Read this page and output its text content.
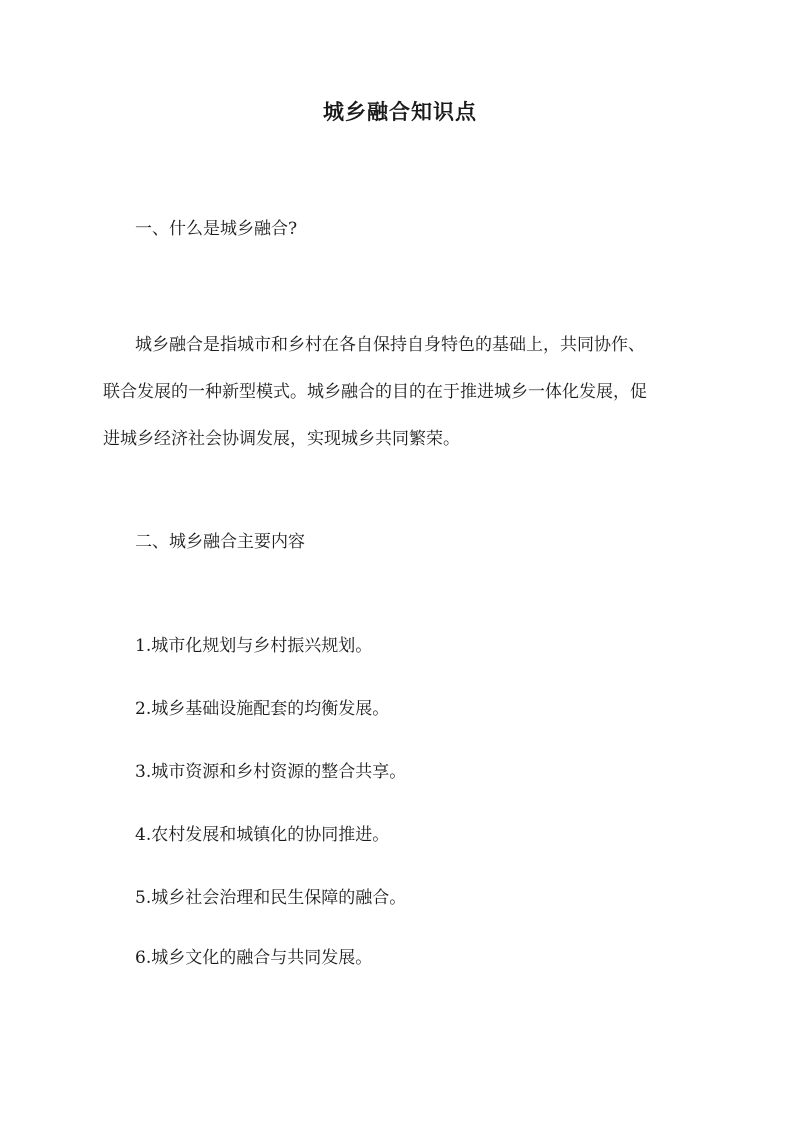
城乡融合知识点
一、什么是城乡融合?
城乡融合是指城市和乡村在各自保持自身特色的基础上，共同协作、
联合发展的一种新型模式。城乡融合的目的在于推进城乡一体化发展，促
进城乡经济社会协调发展，实现城乡共同繁荣。
二、城乡融合主要内容
1.城市化规划与乡村振兴规划。
2.城乡基础设施配套的均衡发展。
3.城市资源和乡村资源的整合共享。
4.农村发展和城镇化的协同推进。
5.城乡社会治理和民生保障的融合。
6.城乡文化的融合与共同发展。
